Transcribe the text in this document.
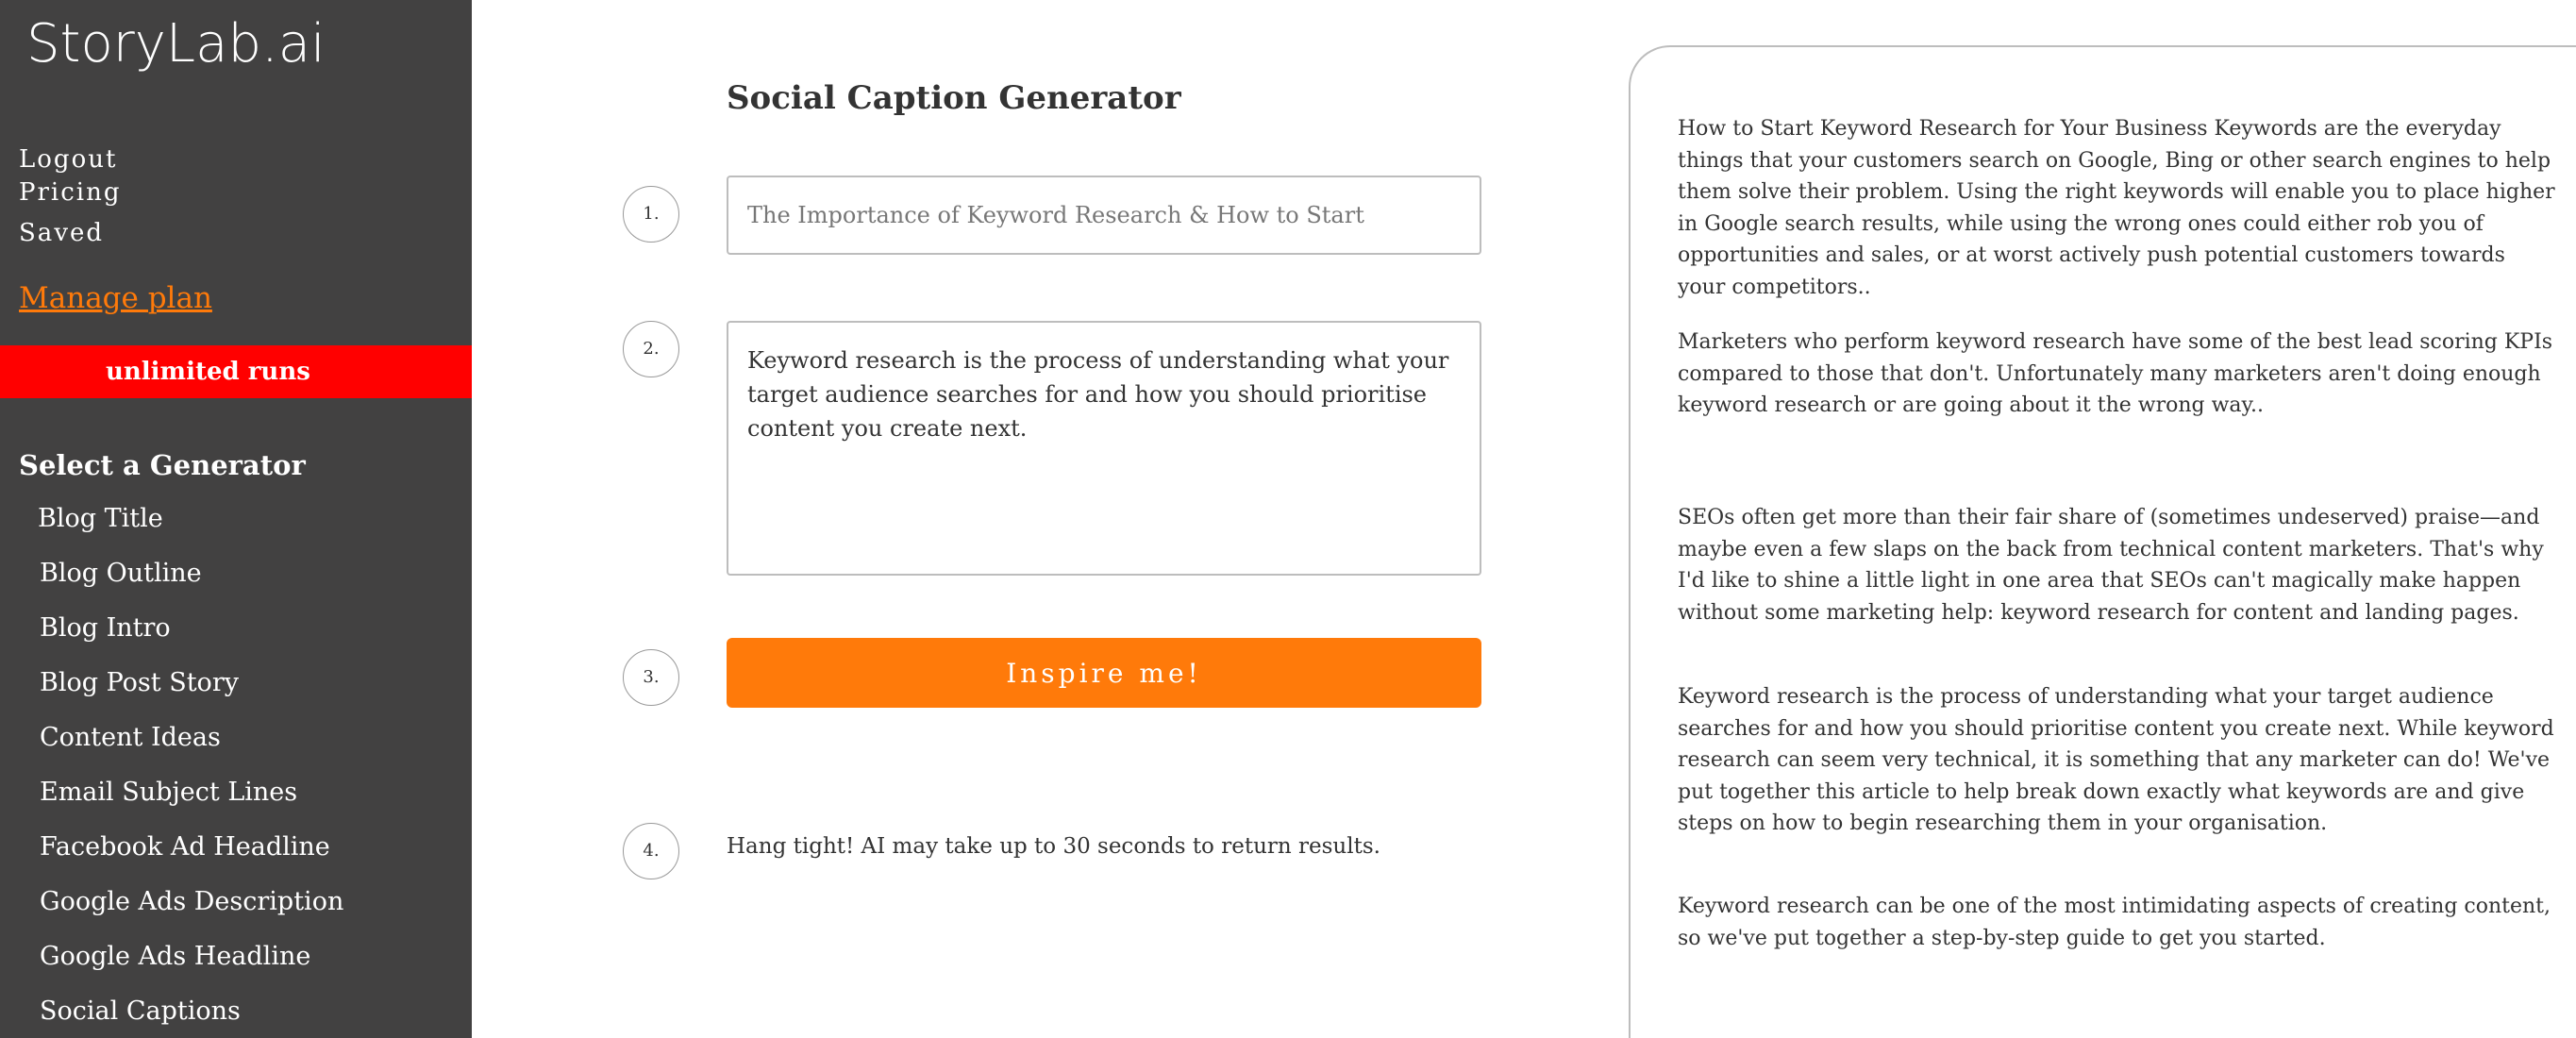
StoryLab.ai
Logout
Pricing
Saved
Manage plan
unlimited runs
Select a Generator
Blog Title
Blog Outline
Blog Intro
Blog Post Story
Content Ideas
Email Subject Lines
Facebook Ad Headline
Google Ads Description
Google Ads Headline
Social Captions
Social Caption Generator
1.
The Importance of Keyword Research & How to Start
2.
Keyword research is the process of understanding what your target audience searches for and how you should prioritise content you create next.
3.	Inspire me!
4.	Hang tight! AI may take up to 30 seconds to return results.

How to Start Keyword Research for Your Business Keywords are the everyday things that your customers search on Google, Bing or other search engines to help them solve their problem. Using the right keywords will enable you to place higher in Google search results, while using the wrong ones could either rob you of opportunities and sales, or at worst actively push potential customers towards your competitors..

Marketers who perform keyword research have some of the best lead scoring KPIs compared to those that don't. Unfortunately many marketers aren't doing enough keyword research or are going about it the wrong way..

SEOs often get more than their fair share of (sometimes undeserved) praise—and maybe even a few slaps on the back from technical content marketers. That's why I'd like to shine a little light in one area that SEOs can't magically make happen without some marketing help: keyword research for content and landing pages.

Keyword research is the process of understanding what your target audience searches for and how you should prioritise content you create next. While keyword research can seem very technical, it is something that any marketer can do! We've put together this article to help break down exactly what keywords are and give steps on how to begin researching them in your organisation.

Keyword research can be one of the most intimidating aspects of creating content, so we've put together a step-by-step guide to get you started.
